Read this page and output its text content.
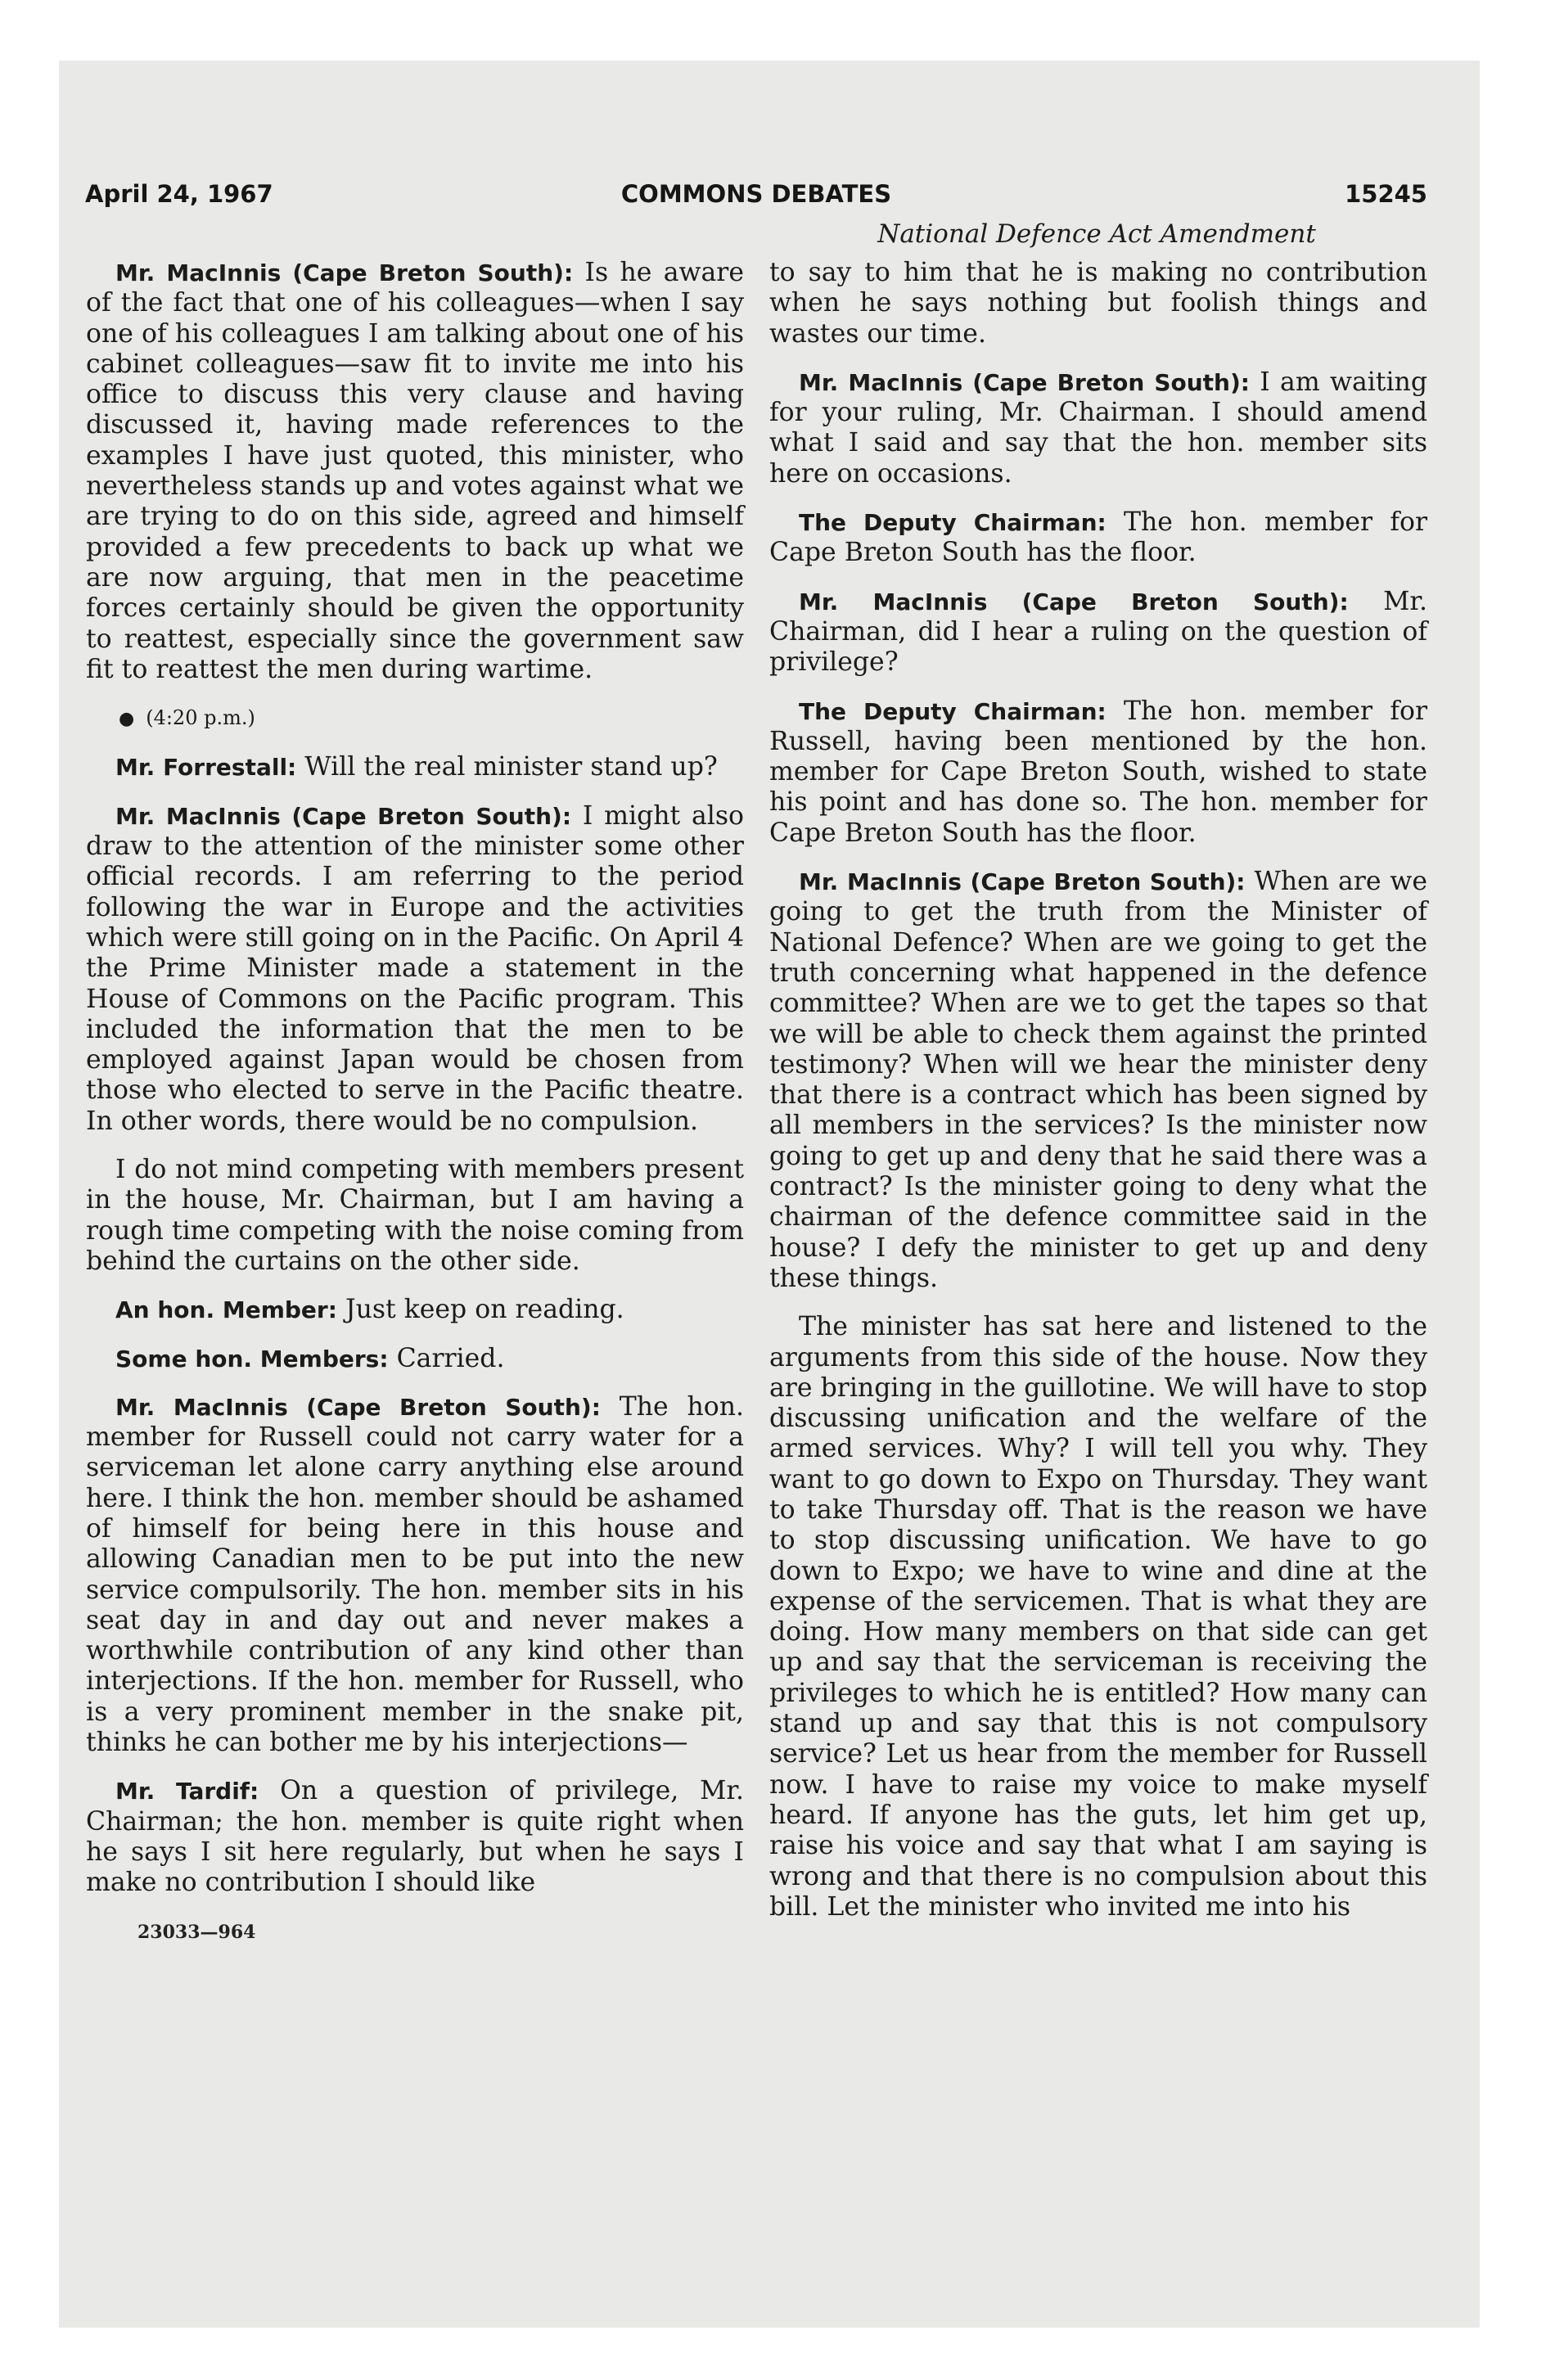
April 24, 1967	COMMONS DEBATES	15245
National Defence Act Amendment

Mr. MacInnis (Cape Breton South): Is he aware of the fact that one of his colleagues—when I say one of his colleagues I am talking about one of his cabinet colleagues—saw fit to invite me into his office to discuss this very clause and having discussed it, having made references to the examples I have just quoted, this minister, who nevertheless stands up and votes against what we are trying to do on this side, agreed and himself provided a few precedents to back up what we are now arguing, that men in the peacetime forces certainly should be given the opportunity to reattest, especially since the government saw fit to reattest the men during wartime.

● (4:20 p.m.)

Mr. Forrestall: Will the real minister stand up?

Mr. MacInnis (Cape Breton South): I might also draw to the attention of the minister some other official records. I am referring to the period following the war in Europe and the activities which were still going on in the Pacific. On April 4 the Prime Minister made a statement in the House of Commons on the Pacific program. This included the information that the men to be employed against Japan would be chosen from those who elected to serve in the Pacific theatre. In other words, there would be no compulsion.

I do not mind competing with members present in the house, Mr. Chairman, but I am having a rough time competing with the noise coming from behind the curtains on the other side.

An hon. Member: Just keep on reading.

Some hon. Members: Carried.

Mr. MacInnis (Cape Breton South): The hon. member for Russell could not carry water for a serviceman let alone carry anything else around here. I think the hon. member should be ashamed of himself for being here in this house and allowing Canadian men to be put into the new service compulsorily. The hon. member sits in his seat day in and day out and never makes a worthwhile contribution of any kind other than interjections. If the hon. member for Russell, who is a very prominent member in the snake pit, thinks he can bother me by his interjections—

Mr. Tardif: On a question of privilege, Mr. Chairman; the hon. member is quite right when he says I sit here regularly, but when he says I make no contribution I should like

to say to him that he is making no contribution when he says nothing but foolish things and wastes our time.

Mr. MacInnis (Cape Breton South): I am waiting for your ruling, Mr. Chairman. I should amend what I said and say that the hon. member sits here on occasions.

The Deputy Chairman: The hon. member for Cape Breton South has the floor.

Mr. MacInnis (Cape Breton South): Mr. Chairman, did I hear a ruling on the question of privilege?

The Deputy Chairman: The hon. member for Russell, having been mentioned by the hon. member for Cape Breton South, wished to state his point and has done so. The hon. member for Cape Breton South has the floor.

Mr. MacInnis (Cape Breton South): When are we going to get the truth from the Minister of National Defence? When are we going to get the truth concerning what happened in the defence committee? When are we to get the tapes so that we will be able to check them against the printed testimony? When will we hear the minister deny that there is a contract which has been signed by all members in the services? Is the minister now going to get up and deny that he said there was a contract? Is the minister going to deny what the chairman of the defence committee said in the house? I defy the minister to get up and deny these things.

The minister has sat here and listened to the arguments from this side of the house. Now they are bringing in the guillotine. We will have to stop discussing unification and the welfare of the armed services. Why? I will tell you why. They want to go down to Expo on Thursday. They want to take Thursday off. That is the reason we have to stop discussing unification. We have to go down to Expo; we have to wine and dine at the expense of the servicemen. That is what they are doing. How many members on that side can get up and say that the serviceman is receiving the privileges to which he is entitled? How many can stand up and say that this is not compulsory service? Let us hear from the member for Russell now. I have to raise my voice to make myself heard. If anyone has the guts, let him get up, raise his voice and say that what I am saying is wrong and that there is no compulsion about this bill. Let the minister who invited me into his

23033—964
